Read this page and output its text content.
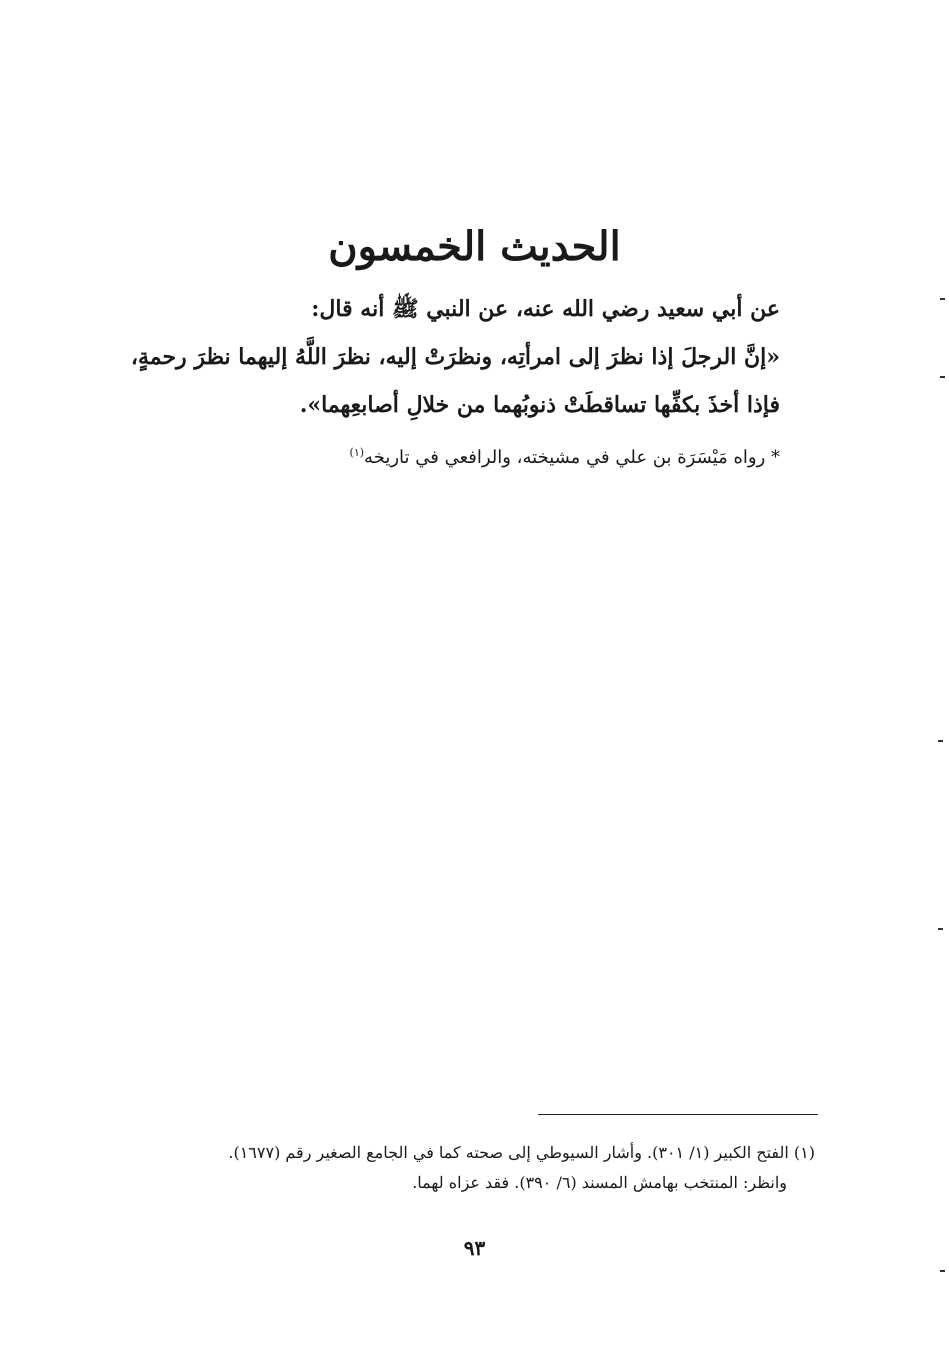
الحديث الخمسون
عن أبي سعيد رضي الله عنه، عن النبي ﷺ أنه قال:
«إنَّ الرجلَ إذا نظرَ إلى امرأتِه، ونظرَتْ إليه، نظرَ اللَّهُ إليهما نظرَ رحمةٍ،
فإذا أخذَ بكفِّها تساقطَتْ ذنوبُهما من خلالِ أصابعِهما».
* رواه مَيْسَرَة بن علي في مشيخته، والرافعي في تاريخه$^{(١)}$
(١) الفتح الكبير (١/ ٣٠١). وأشار السيوطي إلى صحته كما في الجامع الصغير رقم (١٦٧٧).
وانظر: المنتخب بهامش المسند (٦/ ٣٩٠). فقد عزاه لهما.
٩٣
